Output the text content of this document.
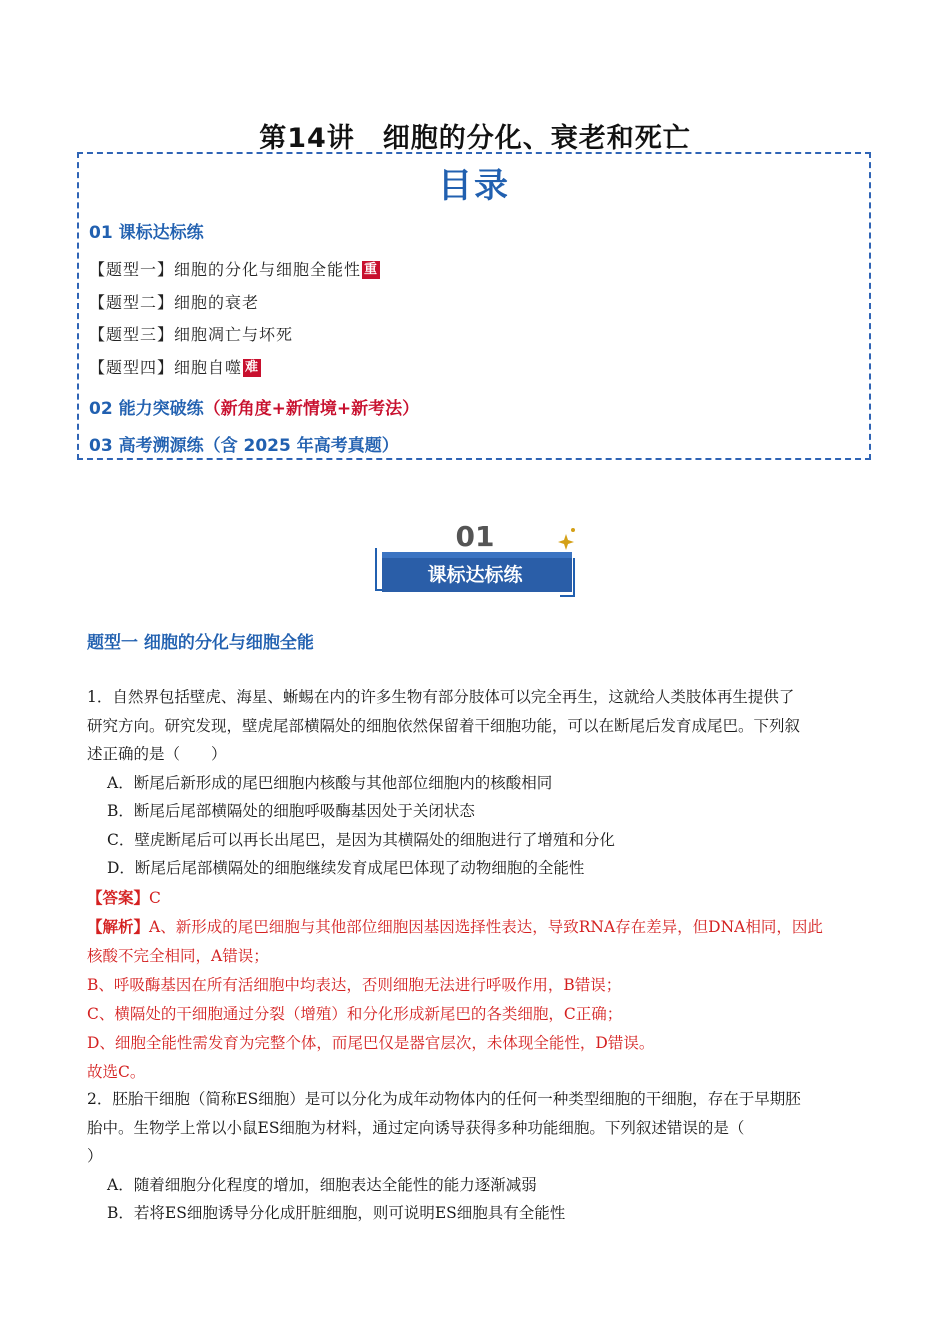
第14讲　细胞的分化、衰老和死亡
目录
01 课标达标练
【题型一】细胞的分化与细胞全能性 重
【题型二】细胞的衰老
【题型三】细胞凋亡与坏死
【题型四】细胞自噬 难
02 能力突破练（新角度+新情境+新考法）
03 高考溯源练（含 2025 年高考真题）
01
课标达标练
题型一 细胞的分化与细胞全能
1．自然界包括壁虎、海星、蜥蜴在内的许多生物有部分肢体可以完全再生，这就给人类肢体再生提供了
研究方向。研究发现，壁虎尾部横隔处的细胞依然保留着干细胞功能，可以在断尾后发育成尾巴。下列叙
述正确的是（　　）
A．断尾后新形成的尾巴细胞内核酸与其他部位细胞内的核酸相同
B．断尾后尾部横隔处的细胞呼吸酶基因处于关闭状态
C．壁虎断尾后可以再长出尾巴，是因为其横隔处的细胞进行了增殖和分化
D．断尾后尾部横隔处的细胞继续发育成尾巴体现了动物细胞的全能性
【答案】C
【解析】A、新形成的尾巴细胞与其他部位细胞因基因选择性表达，导致RNA存在差异，但DNA相同，因此
核酸不完全相同，A错误；
B、呼吸酶基因在所有活细胞中均表达，否则细胞无法进行呼吸作用，B错误；
C、横隔处的干细胞通过分裂（增殖）和分化形成新尾巴的各类细胞，C正确；
D、细胞全能性需发育为完整个体，而尾巴仅是器官层次，未体现全能性，D错误。
故选C。
2．胚胎干细胞（简称ES细胞）是可以分化为成年动物体内的任何一种类型细胞的干细胞，存在于早期胚
胎中。生物学上常以小鼠ES细胞为材料，通过定向诱导获得多种功能细胞。下列叙述错误的是（
）
A．随着细胞分化程度的增加，细胞表达全能性的能力逐渐减弱
B．若将ES细胞诱导分化成肝脏细胞，则可说明ES细胞具有全能性
